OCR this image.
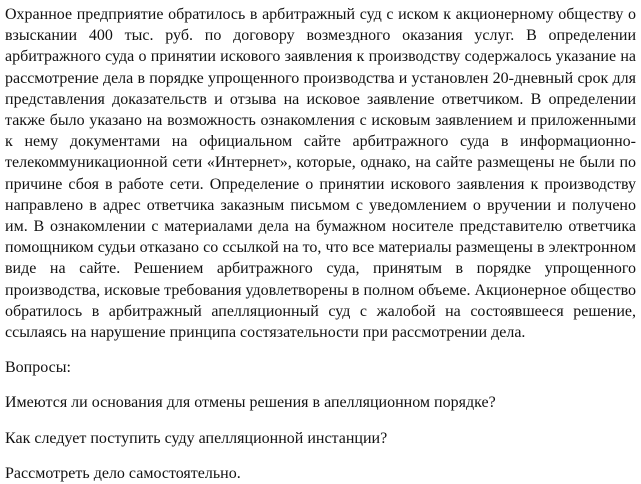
Охранное предприятие обратилось в арбитражный суд с иском к акционерному обществу о взыскании 400 тыс. руб. по договору возмездного оказания услуг. В определении арбитражного суда о принятии искового заявления к производству содержалось указание на рассмотрение дела в порядке упрощенного производства и установлен 20-дневный срок для представления доказательств и отзыва на исковое заявление ответчиком. В определении также было указано на возможность ознакомления с исковым заявлением и приложенными к нему документами на официальном сайте арбитражного суда в информационно-телекоммуникационной сети «Интернет», которые, однако, на сайте размещены не были по причине сбоя в работе сети. Определение о принятии искового заявления к производству направлено в адрес ответчика заказным письмом с уведомлением о вручении и получено им. В ознакомлении с материалами дела на бумажном носителе представителю ответчика помощником судьи отказано со ссылкой на то, что все материалы размещены в электронном виде на сайте. Решением арбитражного суда, принятым в порядке упрощенного производства, исковые требования удовлетворены в полном объеме. Акционерное общество обратилось в арбитражный апелляционный суд с жалобой на состоявшееся решение, ссылаясь на нарушение принципа состязательности при рассмотрении дела.

Вопросы:

Имеются ли основания для отмены решения в апелляционном порядке?

Как следует поступить суду апелляционной инстанции?

Рассмотреть дело самостоятельно.
